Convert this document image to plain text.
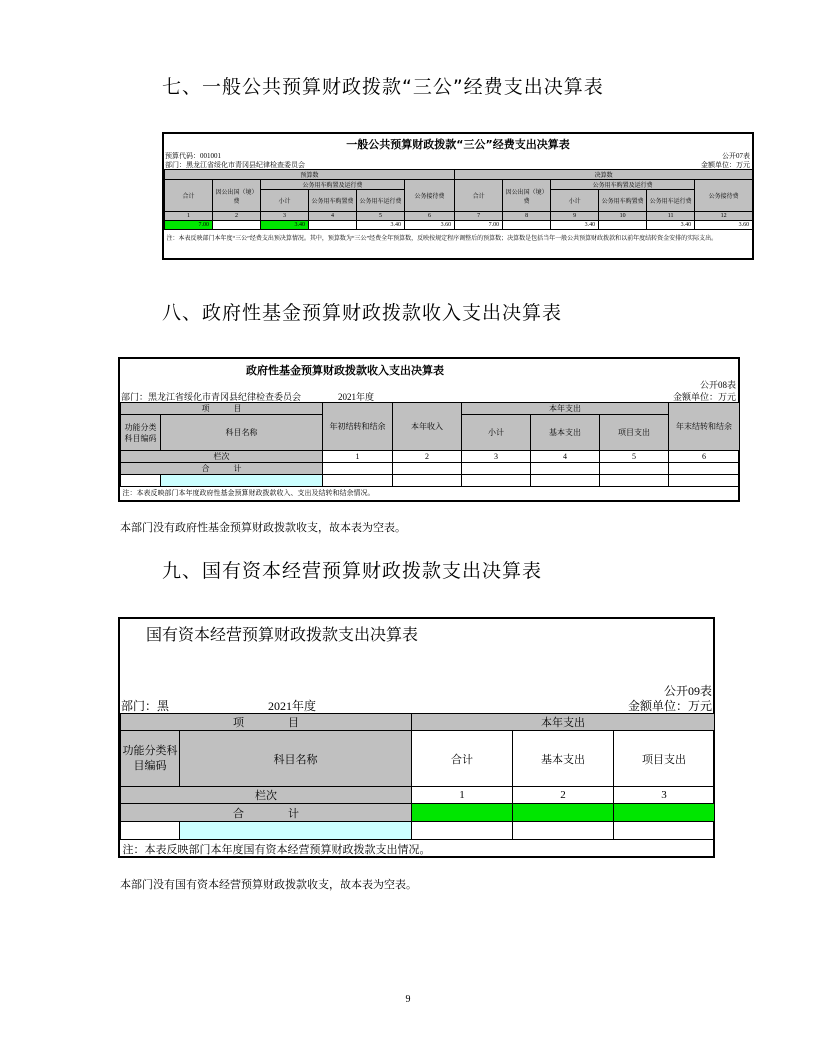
七、一般公共预算财政拨款“三公”经费支出决算表
一般公共预算财政拨款“三公”经费支出决算表
预算代码：001001
部门：黑龙江省绥化市青冈县纪律检查委员会
公开07表
金额单位：万元
预算数						决算数					
合计	因公出国（境）费	公务用车购置及运行费			公务接待费	合计	因公出国（境）费	公务用车购置及运行费			公务接待费
		小计	公务用车购置费	公务用车运行费				小计	公务用车购置费	公务用车运行费	
1	2	3	4	5	6	7	8	9	10	11	12
7.00		3.40		3.40	3.60	7.00		3.40		3.40	3.60
注：本表反映部门本年度“三公”经费支出预决算情况。其中，预算数为“三公”经费全年预算数，反映按规定程序调整后的预算数；决算数是包括当年一般公共预算财政拨款和以前年度结转资金安排的实际支出。											
八、政府性基金预算财政拨款收入支出决算表
政府性基金预算财政拨款收入支出决算表
公开08表
部门：黑龙江省绥化市青冈县纪律检查委员会	2021年度	金额单位：万元
项　　　目		年初结转和结余	本年收入	本年支出			年末结转和结余
功能分类科目编码	科目名称			小计	基本支出	项目支出	
栏次		1	2	3	4	5	6
合　　　计							

注：本表反映部门本年度政府性基金预算财政拨款收入、支出及结转和结余情况。							
本部门没有政府性基金预算财政拨款收支，故本表为空表。
九、国有资本经营预算财政拨款支出决算表
国有资本经营预算财政拨款支出决算表
公开09表
部门：黑	2021年度	金额单位：万元
项　　　　目		本年支出		
功能分类科目编码	科目名称	合计	基本支出	项目支出
栏次		1	2	3
合　　　　计				

注：本表反映部门本年度国有资本经营预算财政拨款支出情况。				
本部门没有国有资本经营预算财政拨款收支，故本表为空表。
9
